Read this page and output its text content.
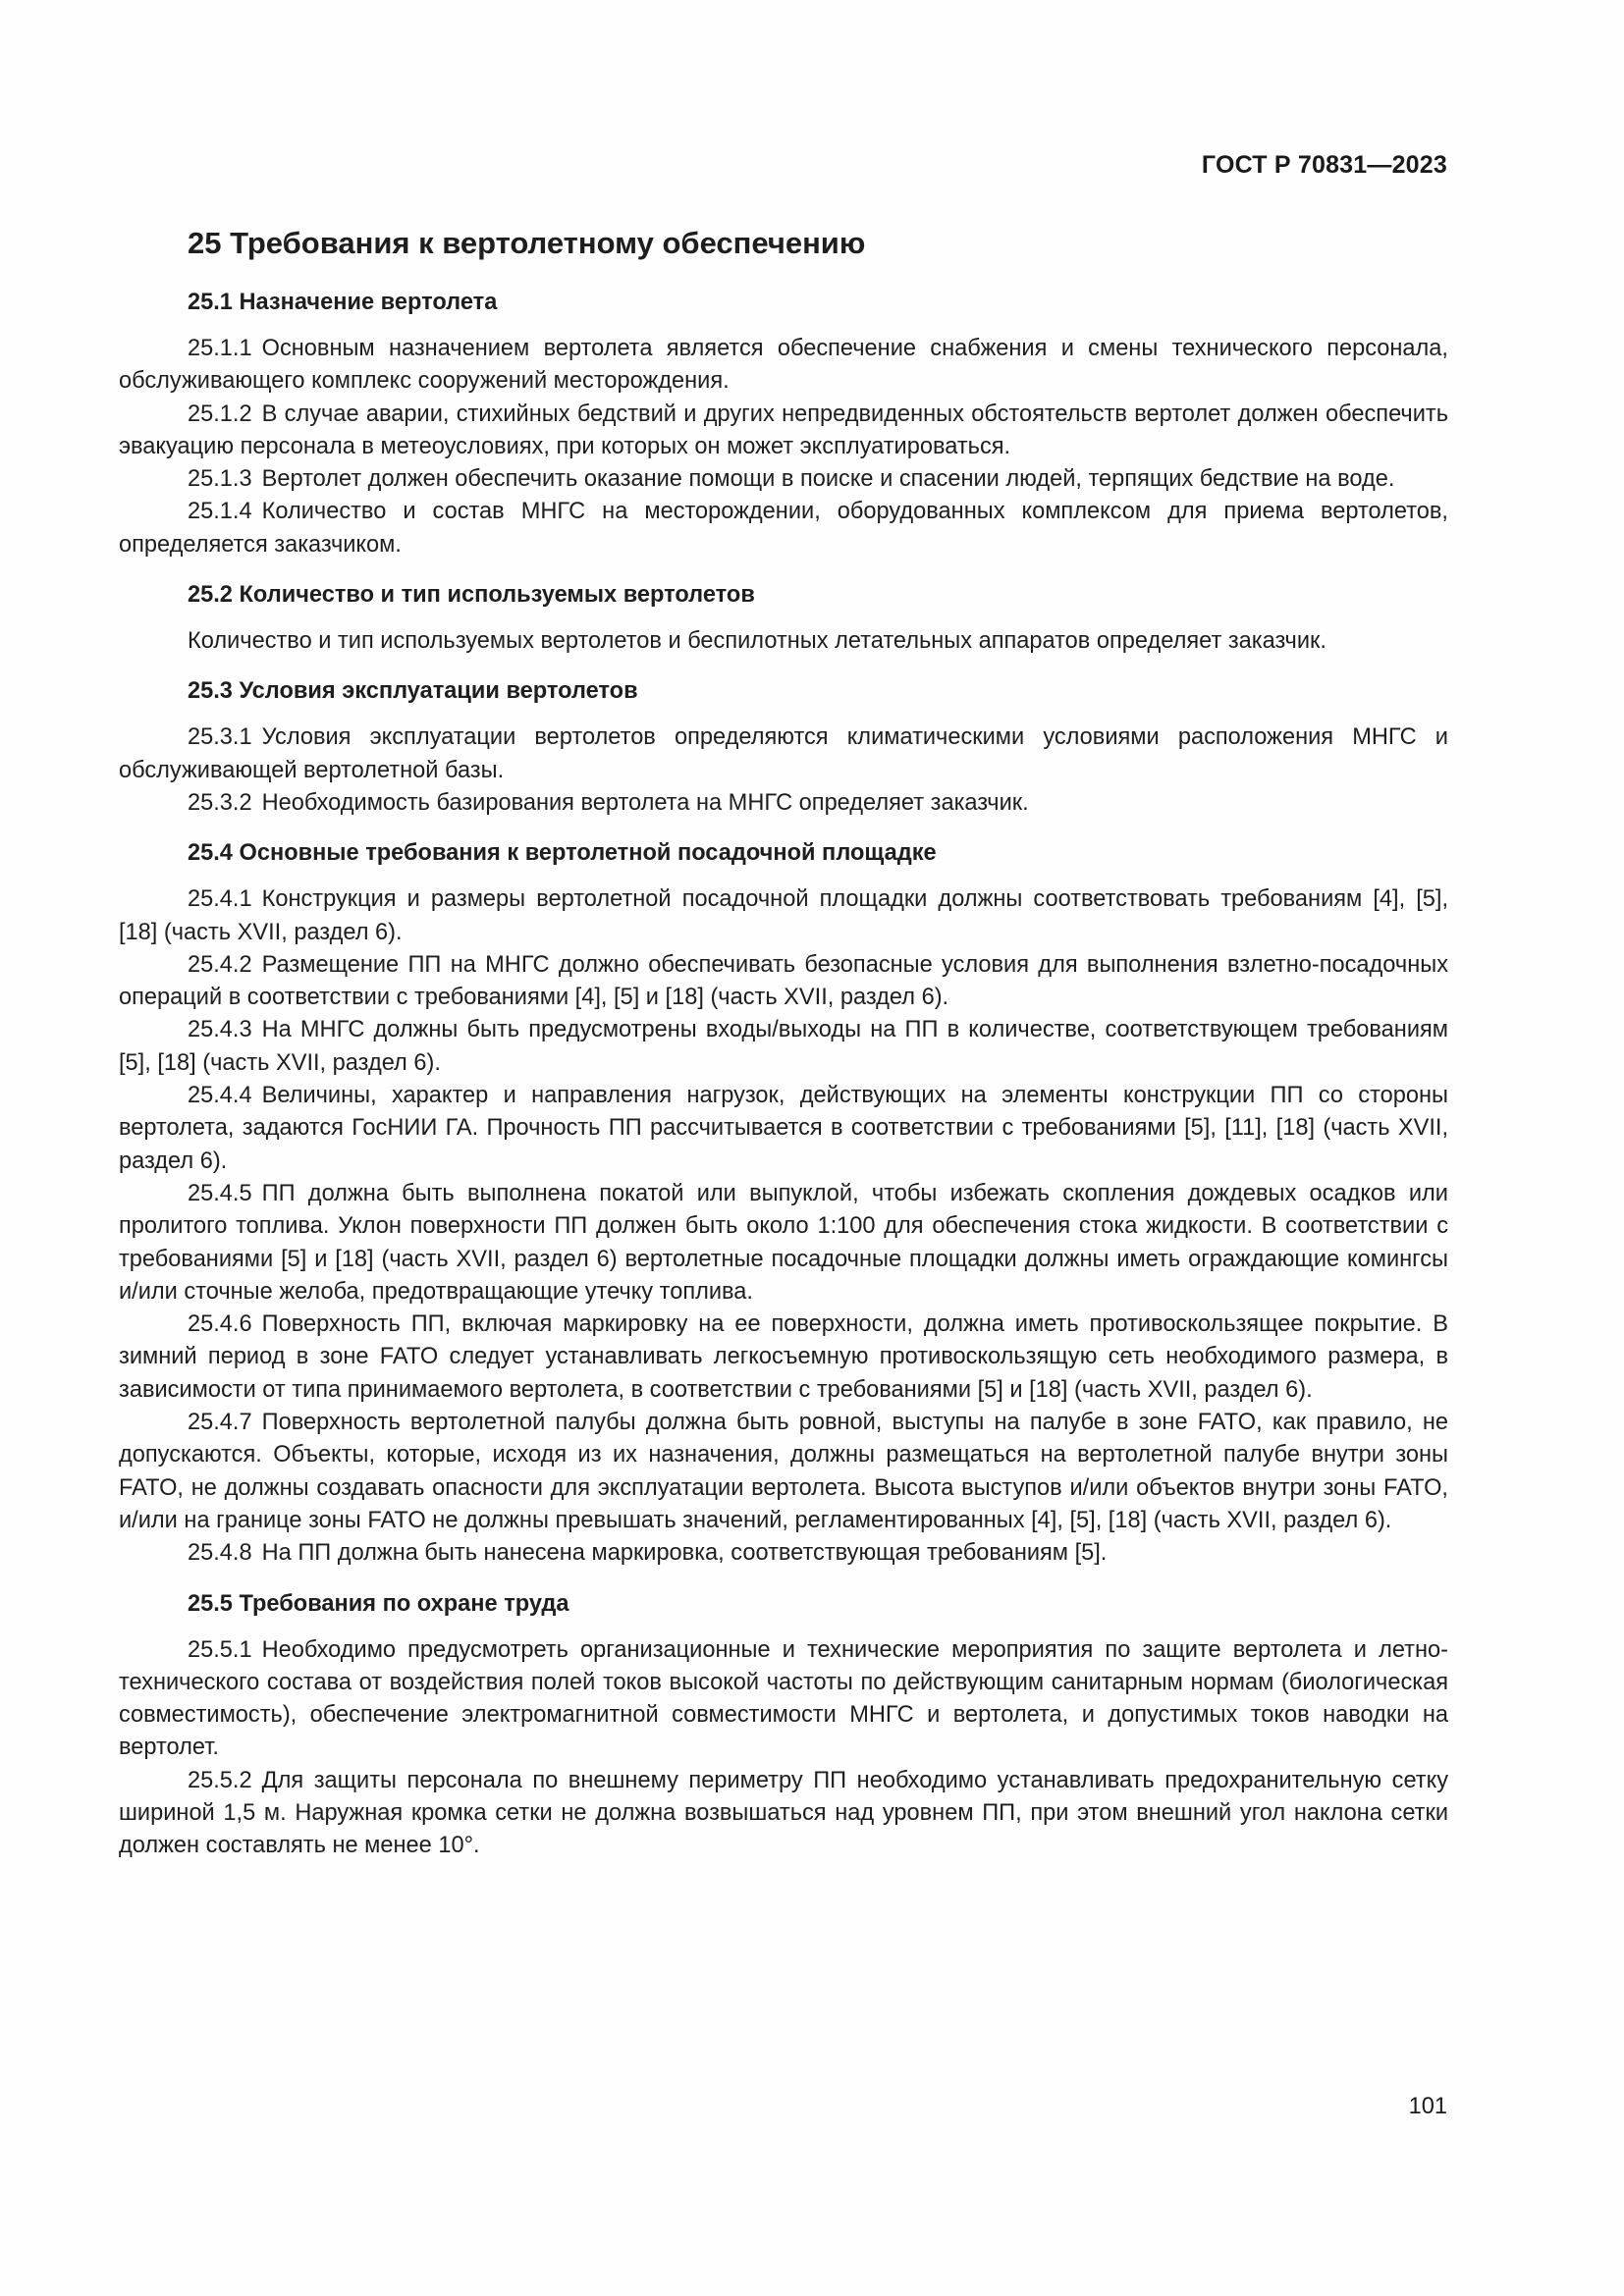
ГОСТ Р 70831—2023
25 Требования к вертолетному обеспечению
25.1 Назначение вертолета

25.1.1 Основным назначением вертолета является обеспечение снабжения и смены технического персонала, обслуживающего комплекс сооружений месторождения.

25.1.2 В случае аварии, стихийных бедствий и других непредвиденных обстоятельств вертолет должен обеспечить эвакуацию персонала в метеоусловиях, при которых он может эксплуатироваться.

25.1.3 Вертолет должен обеспечить оказание помощи в поиске и спасении людей, терпящих бедствие на воде.

25.1.4 Количество и состав МНГС на месторождении, оборудованных комплексом для приема вертолетов, определяется заказчиком.

25.2 Количество и тип используемых вертолетов

Количество и тип используемых вертолетов и беспилотных летательных аппаратов определяет заказчик.

25.3 Условия эксплуатации вертолетов

25.3.1 Условия эксплуатации вертолетов определяются климатическими условиями расположения МНГС и обслуживающей вертолетной базы.

25.3.2 Необходимость базирования вертолета на МНГС определяет заказчик.

25.4 Основные требования к вертолетной посадочной площадке

25.4.1 Конструкция и размеры вертолетной посадочной площадки должны соответствовать требованиям [4], [5], [18] (часть XVII, раздел 6).

25.4.2 Размещение ПП на МНГС должно обеспечивать безопасные условия для выполнения взлетно-посадочных операций в соответствии с требованиями [4], [5] и [18] (часть XVII, раздел 6).

25.4.3 На МНГС должны быть предусмотрены входы/выходы на ПП в количестве, соответствующем требованиям [5], [18] (часть XVII, раздел 6).

25.4.4 Величины, характер и направления нагрузок, действующих на элементы конструкции ПП со стороны вертолета, задаются ГосНИИ ГА. Прочность ПП рассчитывается в соответствии с требованиями [5], [11], [18] (часть XVII, раздел 6).

25.4.5 ПП должна быть выполнена покатой или выпуклой, чтобы избежать скопления дождевых осадков или пролитого топлива. Уклон поверхности ПП должен быть около 1:100 для обеспечения стока жидкости. В соответствии с требованиями [5] и [18] (часть XVII, раздел 6) вертолетные посадочные площадки должны иметь ограждающие комингсы и/или сточные желоба, предотвращающие утечку топлива.

25.4.6 Поверхность ПП, включая маркировку на ее поверхности, должна иметь противоскользящее покрытие. В зимний период в зоне FATO следует устанавливать легкосъемную противоскользящую сеть необходимого размера, в зависимости от типа принимаемого вертолета, в соответствии с требованиями [5] и [18] (часть XVII, раздел 6).

25.4.7 Поверхность вертолетной палубы должна быть ровной, выступы на палубе в зоне FATO, как правило, не допускаются. Объекты, которые, исходя из их назначения, должны размещаться на вертолетной палубе внутри зоны FATO, не должны создавать опасности для эксплуатации вертолета. Высота выступов и/или объектов внутри зоны FATO, и/или на границе зоны FATO не должны превышать значений, регламентированных [4], [5], [18] (часть XVII, раздел 6).

25.4.8 На ПП должна быть нанесена маркировка, соответствующая требованиям [5].

25.5 Требования по охране труда

25.5.1 Необходимо предусмотреть организационные и технические мероприятия по защите вертолета и летно-технического состава от воздействия полей токов высокой частоты по действующим санитарным нормам (биологическая совместимость), обеспечение электромагнитной совместимости МНГС и вертолета, и допустимых токов наводки на вертолет.

25.5.2 Для защиты персонала по внешнему периметру ПП необходимо устанавливать предохранительную сетку шириной 1,5 м. Наружная кромка сетки не должна возвышаться над уровнем ПП, при этом внешний угол наклона сетки должен составлять не менее 10°.

101
